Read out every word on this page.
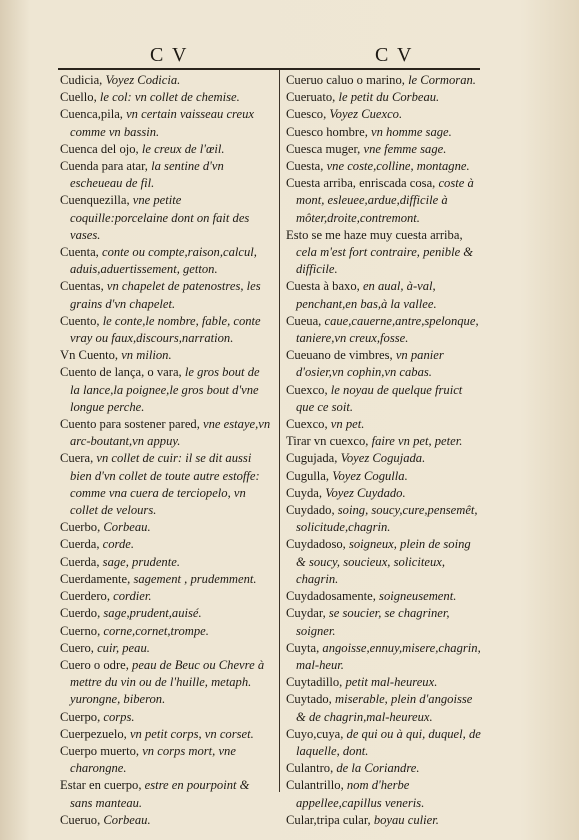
C V	C V

Cudicia, Voyez Codicia.

Cuello, le col: vn collet de chemise.

Cuenca,pila, vn certain vaisseau creux comme vn bassin.

Cuenca del ojo, le creux de l'œil.

Cuenda para atar, la sentine d'vn escheueau de fil.

Cuenquezilla, vne petite coquille:porcelaine dont on fait des vases.

Cuenta, conte ou compte,raison,calcul, aduis,aduertissement, getton.

Cuentas, vn chapelet de patenostres, les grains d'vn chapelet.

Cuento, le conte,le nombre, fable, conte vray ou faux,discours,narration.

Vn Cuento, vn milion.

Cuento de lança, o vara, le gros bout de la lance,la poignee,le gros bout d'vne longue perche.

Cuento para sostener pared, vne estaye,vn arc-boutant,vn appuy.

Cuera, vn collet de cuir: il se dit aussi bien d'vn collet de toute autre estoffe: comme vna cuera de terciopelo, vn collet de velours.

Cuerbo, Corbeau.

Cuerda, corde.

Cuerda, sage, prudente.

Cuerdamente, sagement , prudemment.

Cuerdero, cordier.

Cuerdo, sage,prudent,auisé.

Cuerno, corne,cornet,trompe.

Cuero, cuir, peau.

Cuero o odre, peau de Beuc ou Chevre à mettre du vin ou de l'huille, metaph. yurongne, biberon.

Cuerpo, corps.

Cuerpezuelo, vn petit corps, vn corset.

Cuerpo muerto, vn corps mort, vne charongne.

Estar en cuerpo, estre en pourpoint & sans manteau.

Cueruo, Corbeau.

Cueruo caluo o marino, le Cormoran.

Cueruato, le petit du Corbeau.

Cuesco, Voyez Cuexco.

Cuesco hombre, vn homme sage.

Cuesca muger, vne femme sage.

Cuesta, vne coste,colline, montagne.

Cuesta arriba, enriscada cosa, coste à mont, esleuee,ardue,difficile à môter,droite,contremont.

Esto se me haze muy cuesta arriba, cela m'est fort contraire, penible & difficile.

Cuesta à baxo, en aual, à-val, penchant,en bas,à la vallee.

Cueua, caue,cauerne,antre,spelonque, taniere,vn creux,fosse.

Cueuano de vimbres, vn panier d'osier,vn cophin,vn cabas.

Cuexco, le noyau de quelque fruict que ce soit.

Cuexco, vn pet.

Tirar vn cuexco, faire vn pet, peter.

Cugujada, Voyez Cogujada.

Cugulla, Voyez Cogulla.

Cuyda, Voyez Cuydado.

Cuydado, soing, soucy,cure,pensemêt, solicitude,chagrin.

Cuydadoso, soigneux, plein de soing & soucy, soucieux, soliciteux, chagrin.

Cuydadosamente, soigneusement.

Cuydar, se soucier, se chagriner, soigner.

Cuyta, angoisse,ennuy,misere,chagrin, mal-heur.

Cuytadillo, petit mal-heureux.

Cuytado, miserable, plein d'angoisse & de chagrin,mal-heureux.

Cuyo,cuya, de qui ou à qui, duquel, de laquelle, dont.

Culantro, de la Coriandre.

Culantrillo, nom d'herbe appellee,capillus veneris.

Cular,tripa cular, boyau culier.
